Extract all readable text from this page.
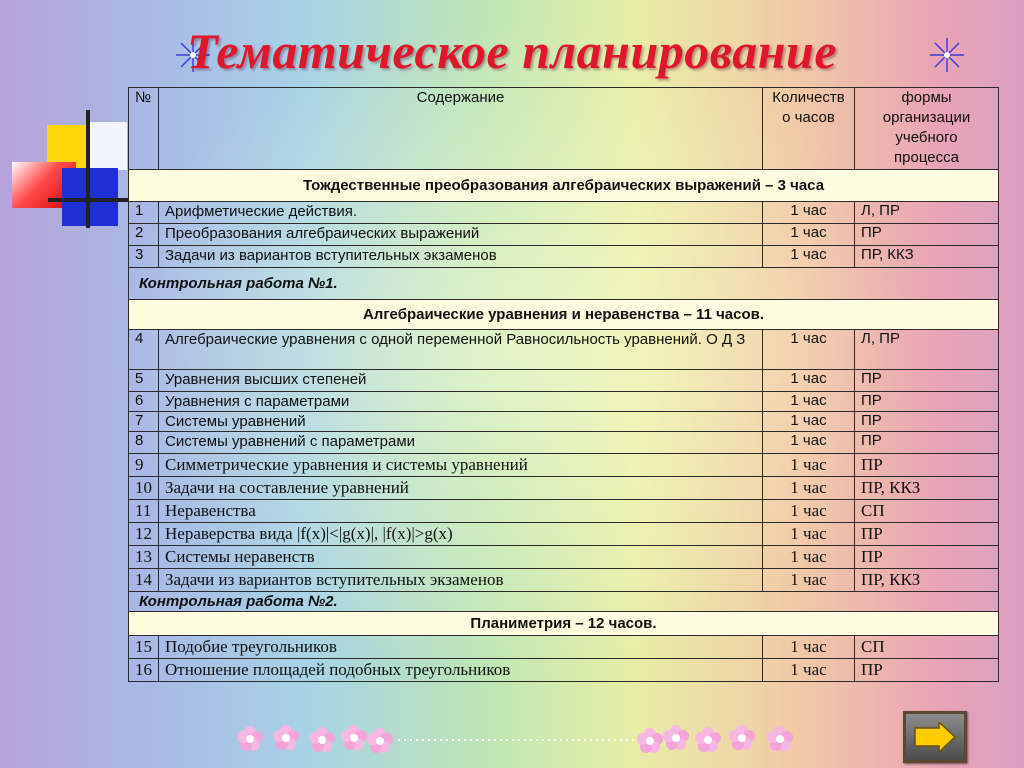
Тематическое планирование
№	Содержание	Количеств о часов	формы организации учебного процесса
Тождественные преобразования алгебраических выражений – 3 часа			
1	Арифметические действия.	1 час	Л, ПР
2	Преобразования алгебраических выражений	1 час	ПР
3	Задачи из вариантов вступительных экзаменов	1 час	ПР, ККЗ
Контрольная работа №1.			
Алгебраические уравнения и неравенства – 11 часов.			
4	Алгебраические уравнения с одной переменной Равносильность уравнений. О Д З	1 час	Л, ПР
5	Уравнения высших степеней	1 час	ПР
6	Уравнения с параметрами	1 час	ПР
7	Системы уравнений	1 час	ПР
8	Системы уравнений с параметрами	1 час	ПР
9	Симметрические уравнения и системы уравнений	1 час	ПР
10	Задачи на составление уравнений	1 час	ПР, ККЗ
11	Неравенства	1 час	СП
12	Нераверства вида |f(x)|<|g(x)|, |f(x)|>g(x)	1 час	ПР
13	Системы неравенств	1 час	ПР
14	Задачи из вариантов вступительных экзаменов	1 час	ПР, ККЗ
Контрольная работа №2.			
Планиметрия – 12 часов.			
15	Подобие треугольников	1 час	СП
16	Отношение площадей подобных треугольников	1 час	ПР
